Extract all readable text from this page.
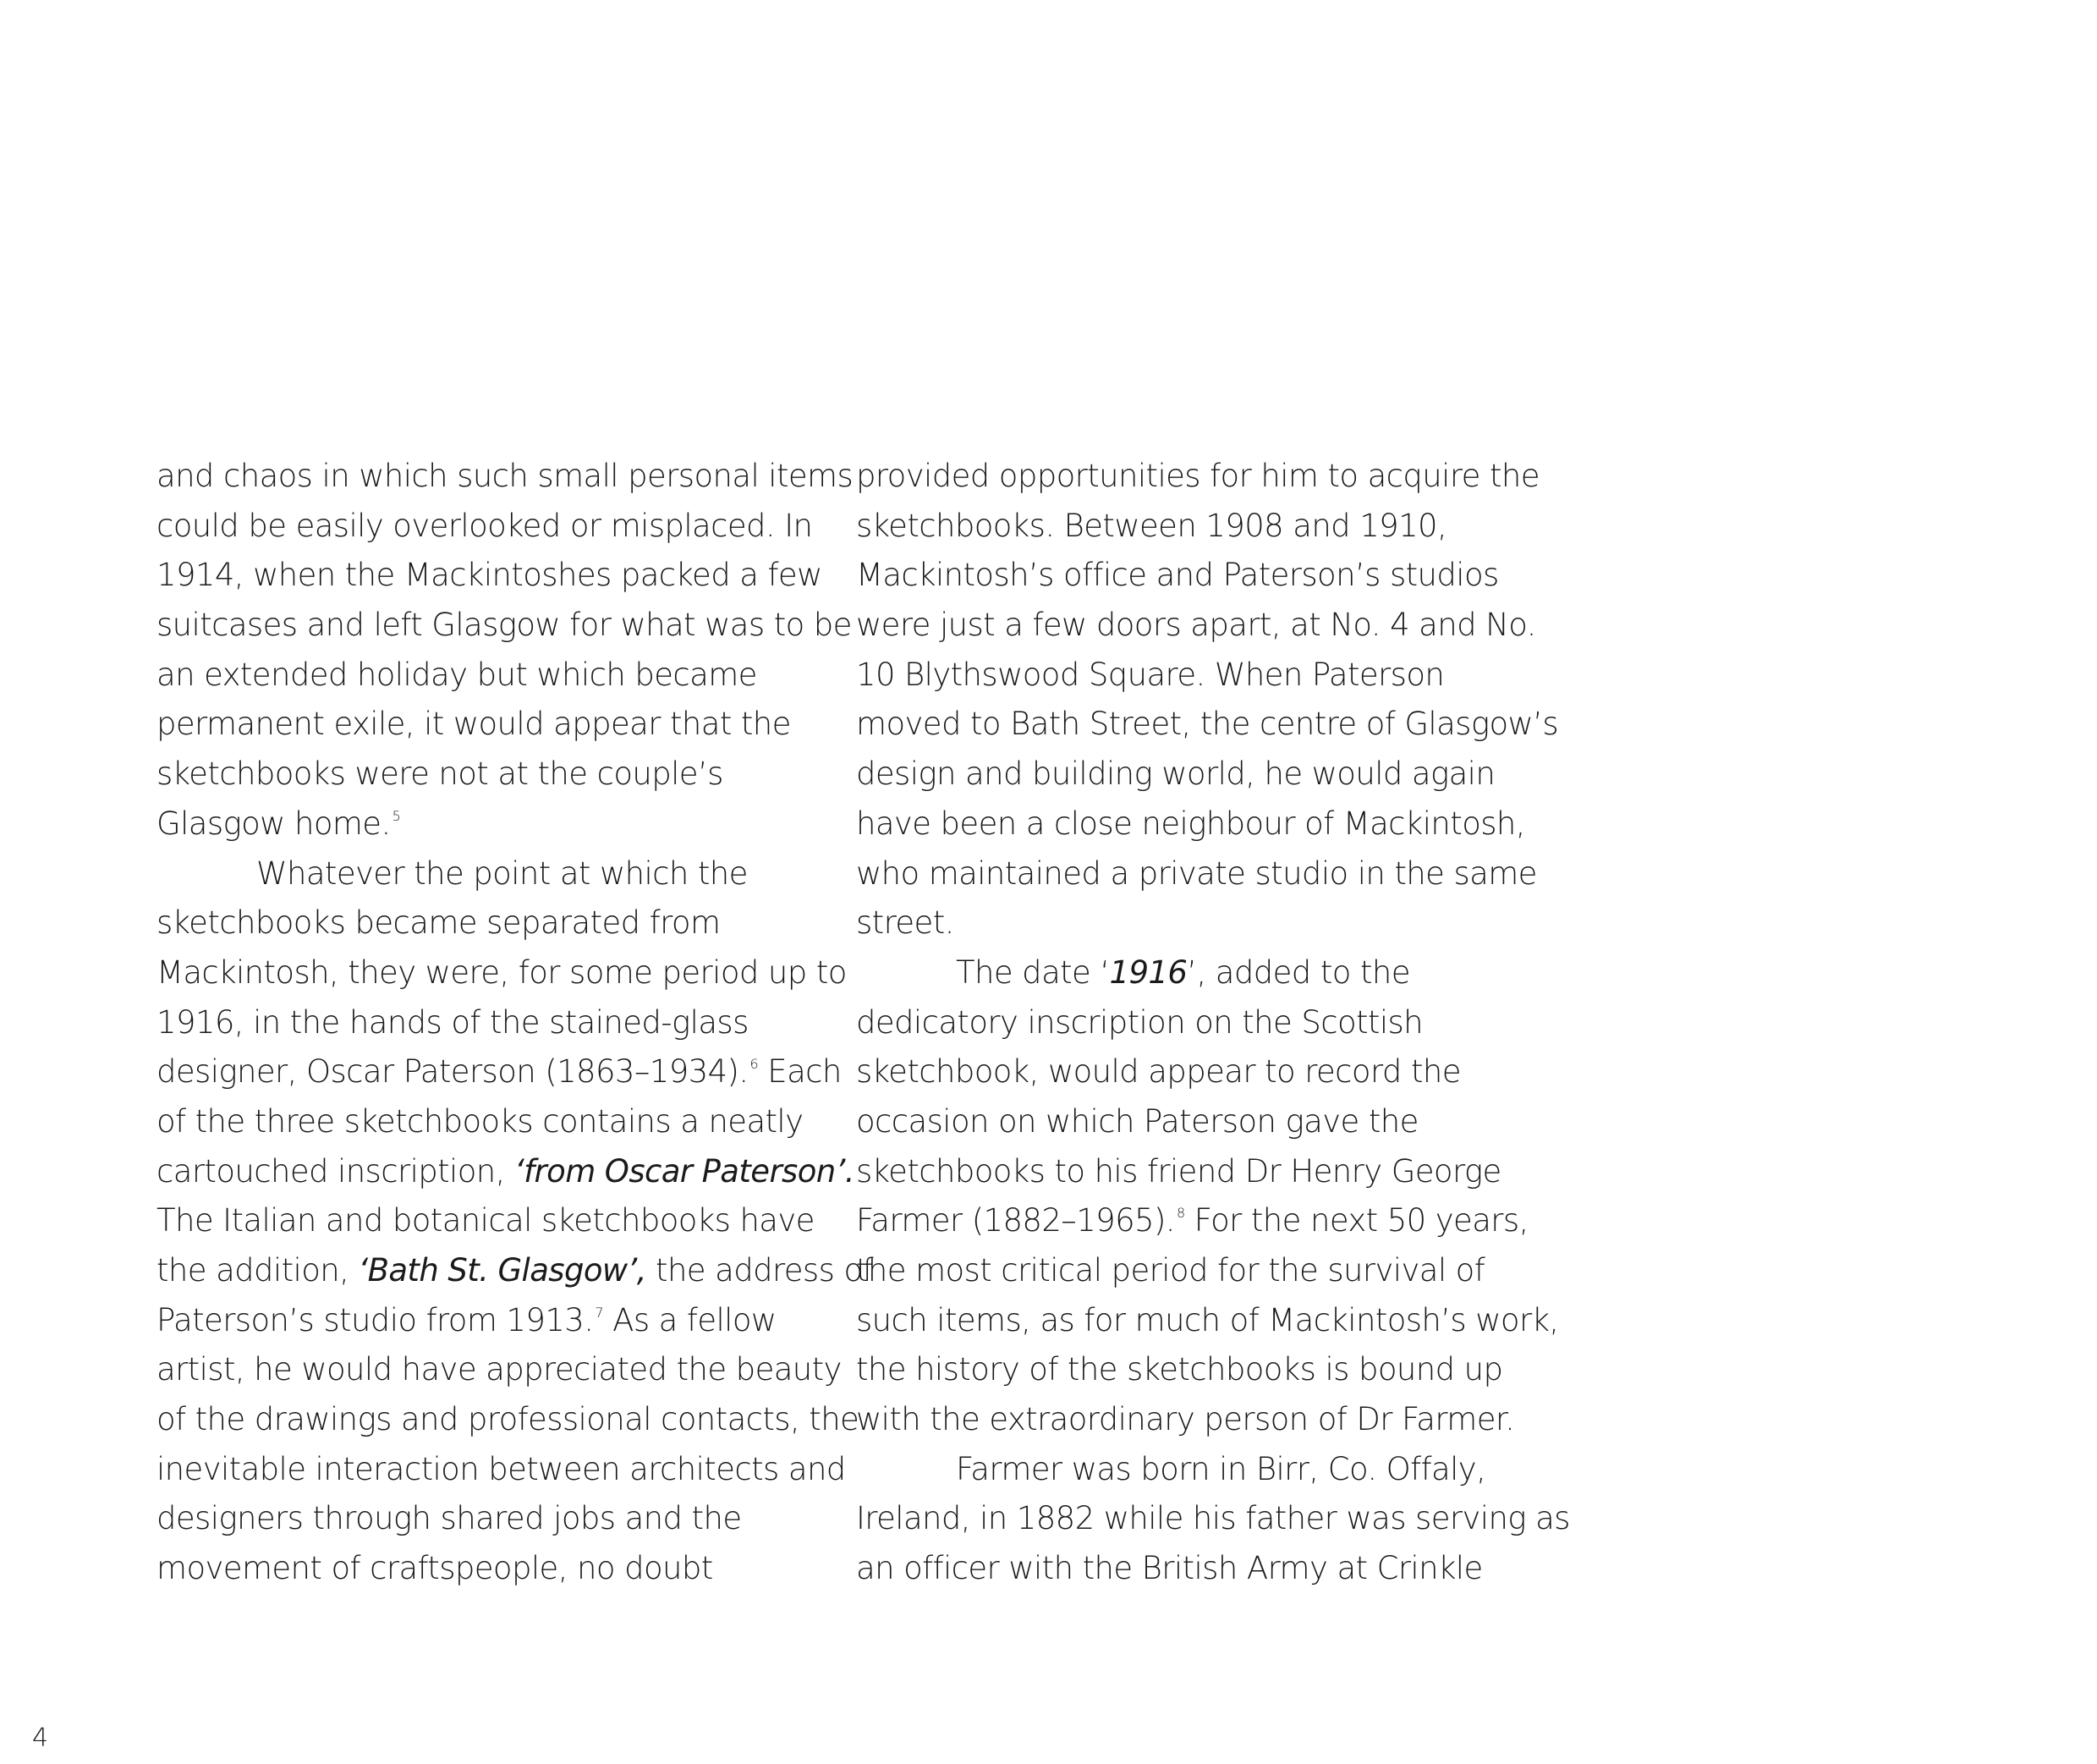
and chaos in which such small personal items
could be easily overlooked or misplaced. In
1914, when the Mackintoshes packed a few
suitcases and left Glasgow for what was to be
an extended holiday but which became
permanent exile, it would appear that the
sketchbooks were not at the couple’s
Glasgow home. $^5$
Whatever the point at which the
sketchbooks became separated from
Mackintosh, they were, for some period up to
1916, in the hands of the stained-glass
designer, Oscar Paterson (1863–1934). $^6$ Each
of the three sketchbooks contains a neatly
cartouched inscription, ‘from Oscar Paterson’.
The Italian and botanical sketchbooks have
the addition, ‘Bath St. Glasgow’, the address of
Paterson’s studio from 1913. $^7$ As a fellow
artist, he would have appreciated the beauty
of the drawings and professional contacts, the
inevitable interaction between architects and
designers through shared jobs and the
movement of craftspeople, no doubt
provided opportunities for him to acquire the
sketchbooks. Between 1908 and 1910,
Mackintosh’s office and Paterson’s studios
were just a few doors apart, at No. 4 and No.
10 Blythswood Square. When Paterson
moved to Bath Street, the centre of Glasgow’s
design and building world, he would again
have been a close neighbour of Mackintosh,
who maintained a private studio in the same
street.
The date ‘1916’, added to the
dedicatory inscription on the Scottish
sketchbook, would appear to record the
occasion on which Paterson gave the
sketchbooks to his friend Dr Henry George
Farmer (1882–1965). $^8$ For the next 50 years,
the most critical period for the survival of
such items, as for much of Mackintosh’s work,
the history of the sketchbooks is bound up
with the extraordinary person of Dr Farmer.
Farmer was born in Birr, Co. Offaly,
Ireland, in 1882 while his father was serving as
an officer with the British Army at Crinkle
4
